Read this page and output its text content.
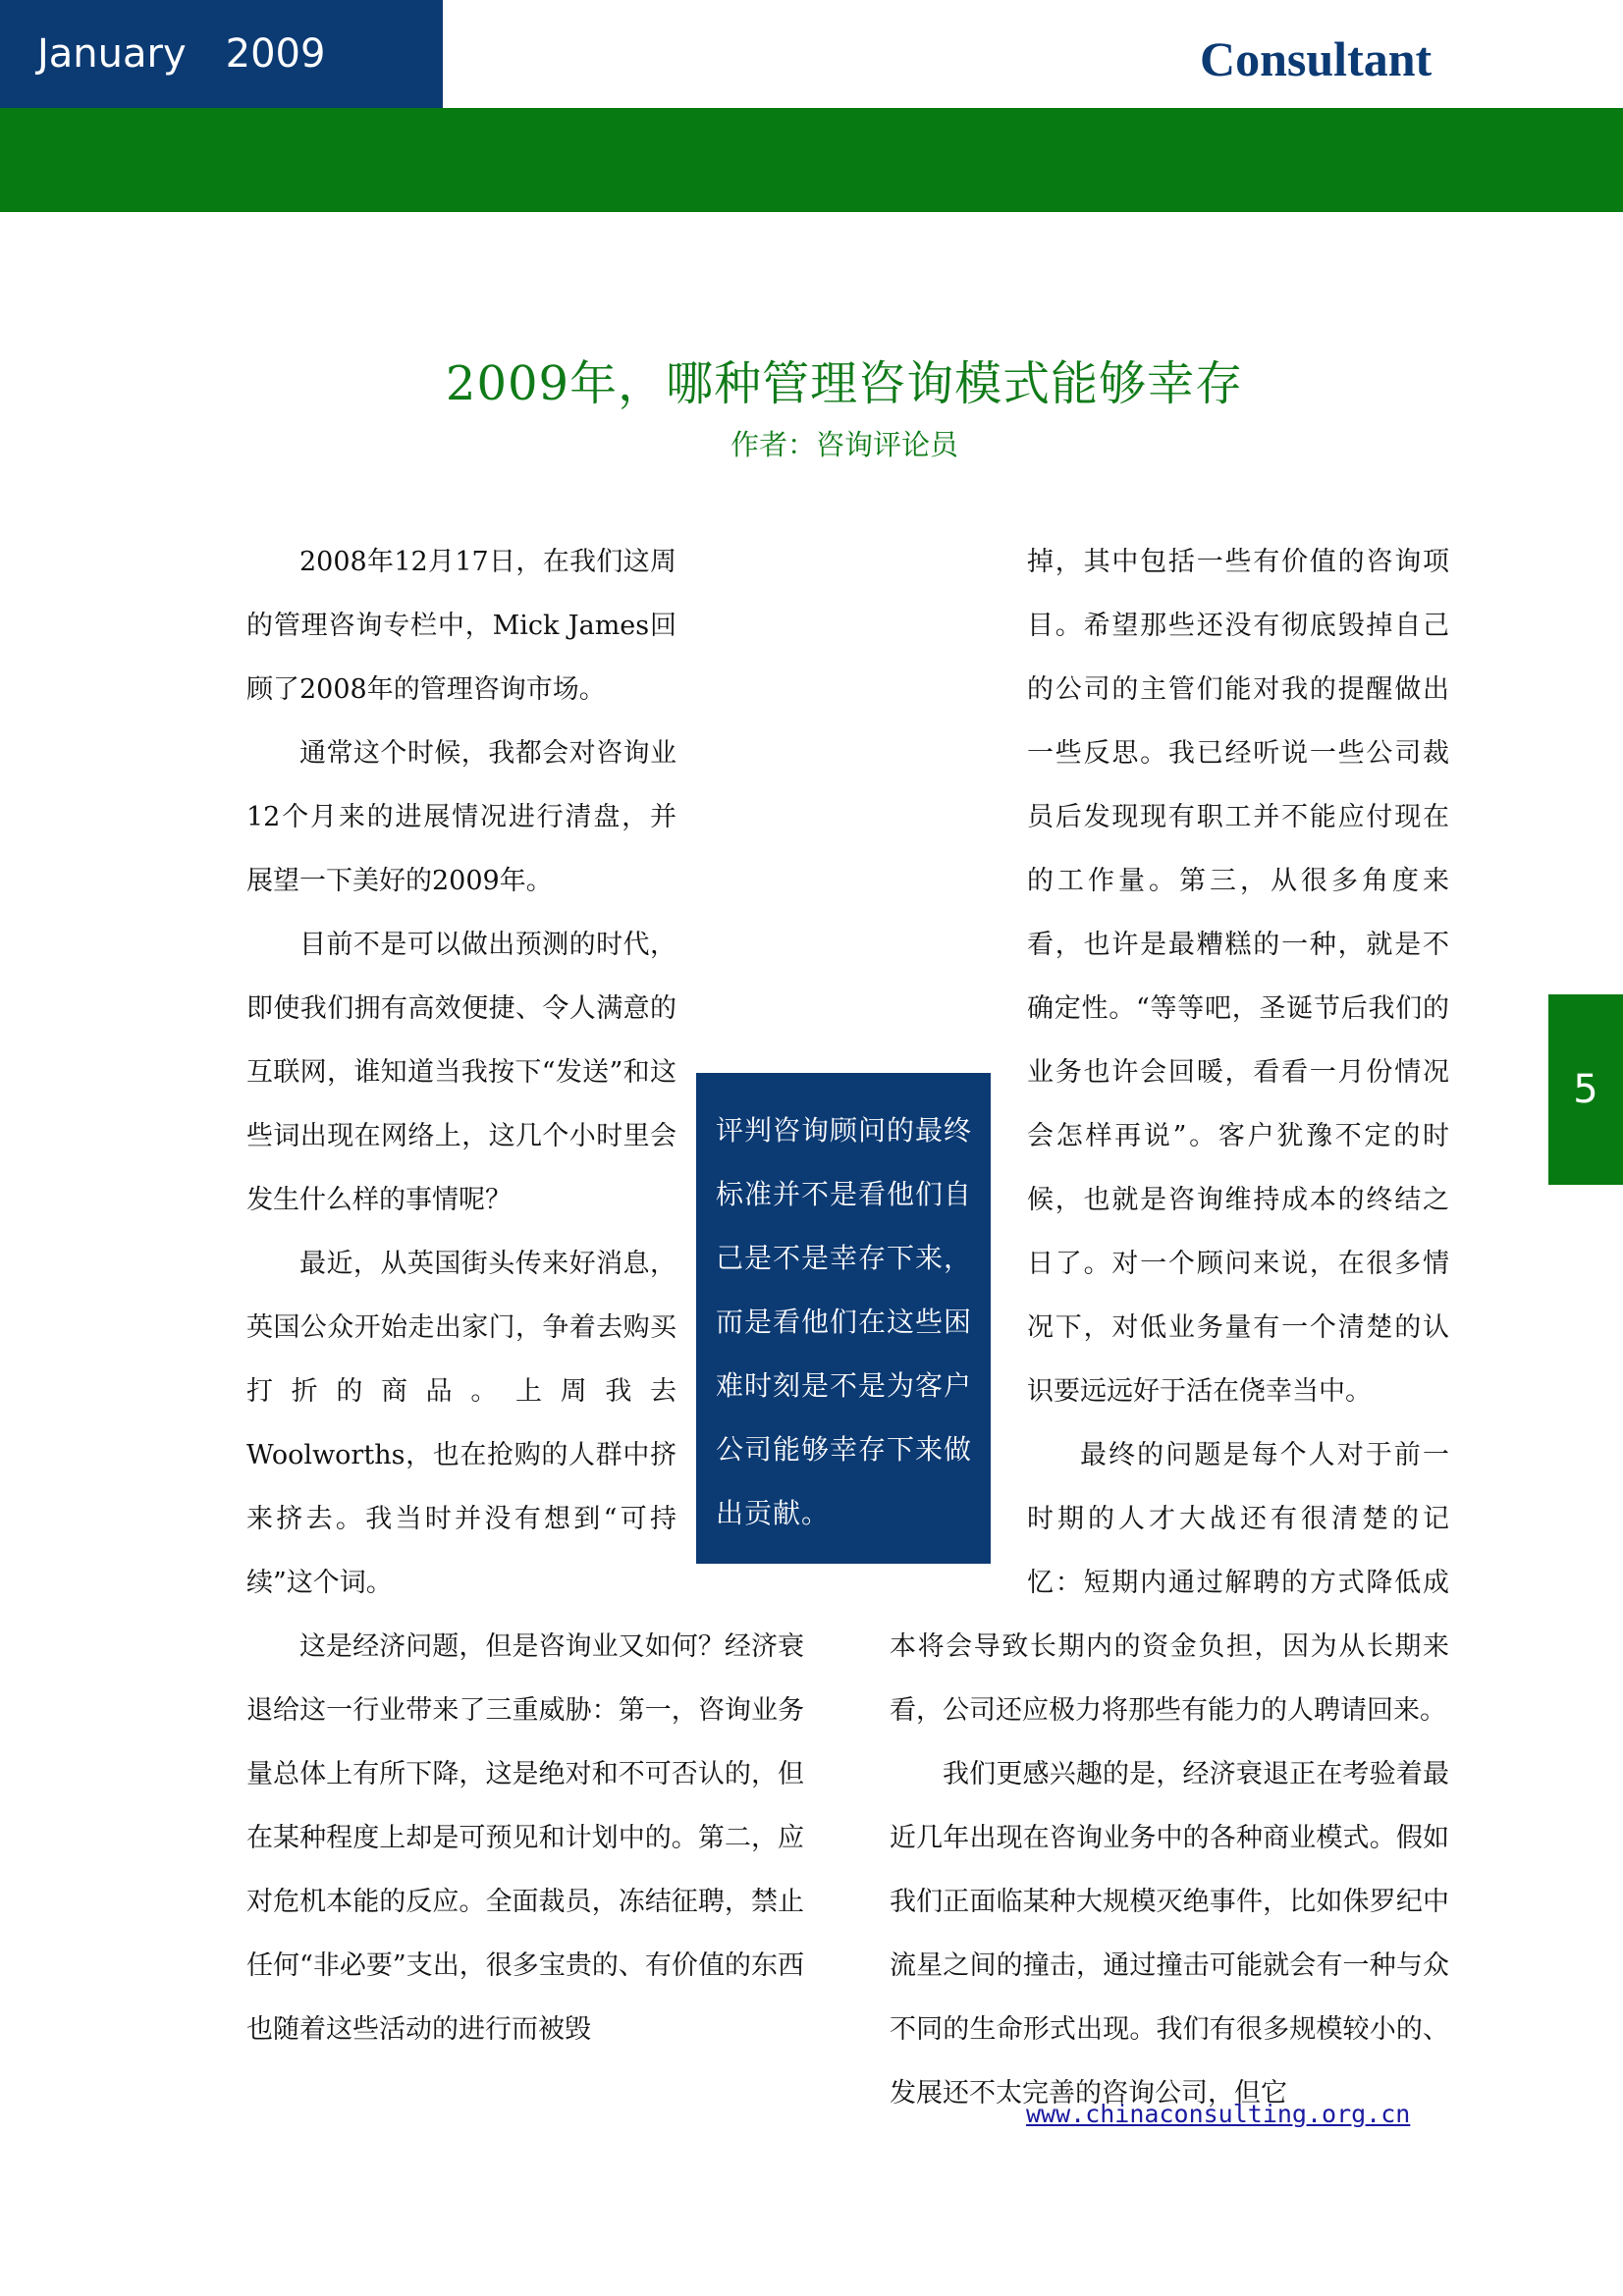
January 2009	Consultant
2009年，哪种管理咨询模式能够幸存
作者：咨询评论员

2008年12月17日，在我们这周的管理咨询专栏中，Mick James回顾了2008年的管理咨询市场。

通常这个时候，我都会对咨询业12个月来的进展情况进行清盘，并展望一下美好的2009年。

目前不是可以做出预测的时代，即使我们拥有高效便捷、令人满意的互联网，谁知道当我按下“发送”和这些词出现在网络上，这几个小时里会发生什么样的事情呢？

最近，从英国街头传来好消息，英国公众开始走出家门，争着去购买打折的商品。上周我去Woolworths，也在抢购的人群中挤来挤去。我当时并没有想到“可持续”这个词。

这是经济问题，但是咨询业又如何？经济衰退给这一行业带来了三重威胁：第一，咨询业务量总体上有所下降，这是绝对和不可否认的，但在某种程度上却是可预见和计划中的。第二，应对危机本能的反应。全面裁员，冻结征聘，禁止任何“非必要”支出，很多宝贵的、有价值的东西也随着这些活动的进行而被毁

掉，其中包括一些有价值的咨询项目。希望那些还没有彻底毁掉自己的公司的主管们能对我的提醒做出一些反思。我已经听说一些公司裁员后发现现有职工并不能应付现在的工作量。第三，从很多角度来看，也许是最糟糕的一种，就是不确定性。“等等吧，圣诞节后我们的业务也许会回暖，看看一月份情况会怎样再说”。客户犹豫不定的时候，也就是咨询维持成本的终结之日了。对一个顾问来说，在很多情况下，对低业务量有一个清楚的认识要远远好于活在侥幸当中。

最终的问题是每个人对于前一时期的人才大战还有很清楚的记忆：短期内通过解聘的方式降低成本将会导致长期内的资金负担，因为从长期来看，公司还应极力将那些有能力的人聘请回来。

我们更感兴趣的是，经济衰退正在考验着最近几年出现在咨询业务中的各种商业模式。假如我们正面临某种大规模灭绝事件，比如侏罗纪中流星之间的撞击，通过撞击可能就会有一种与众不同的生命形式出现。我们有很多规模较小的、发展还不太完善的咨询公司，但它

评判咨询顾问的最终标准并不是看他们自己是不是幸存下来，而是看他们在这些困难时刻是不是为客户公司能够幸存下来做出贡献。
5
www.chinaconsulting.org.cn
